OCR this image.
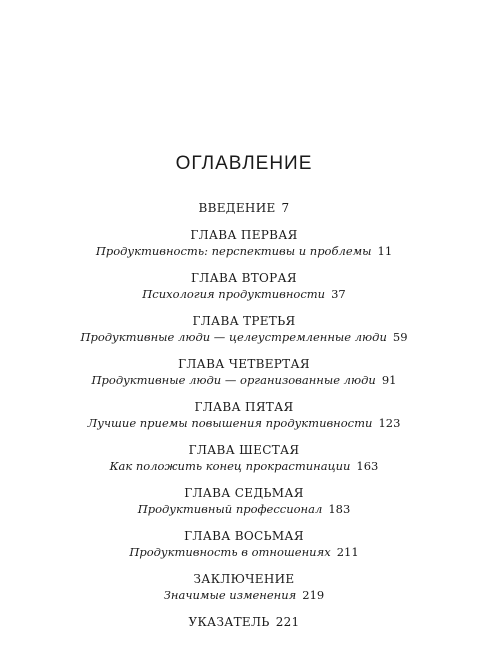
ОГЛАВЛЕНИЕ
ВВЕДЕНИЕ 7
ГЛАВА ПЕРВАЯ
Продуктивность: перспективы и проблемы 11
ГЛАВА ВТОРАЯ
Психология продуктивности 37
ГЛАВА ТРЕТЬЯ
Продуктивные люди — целеустремленные люди 59
ГЛАВА ЧЕТВЕРТАЯ
Продуктивные люди — организованные люди 91
ГЛАВА ПЯТАЯ
Лучшие приемы повышения продуктивности 123
ГЛАВА ШЕСТАЯ
Как положить конец прокрастинации 163
ГЛАВА СЕДЬМАЯ
Продуктивный профессионал 183
ГЛАВА ВОСЬМАЯ
Продуктивность в отношениях 211
ЗАКЛЮЧЕНИЕ
Значимые изменения 219
УКАЗАТЕЛЬ 221
